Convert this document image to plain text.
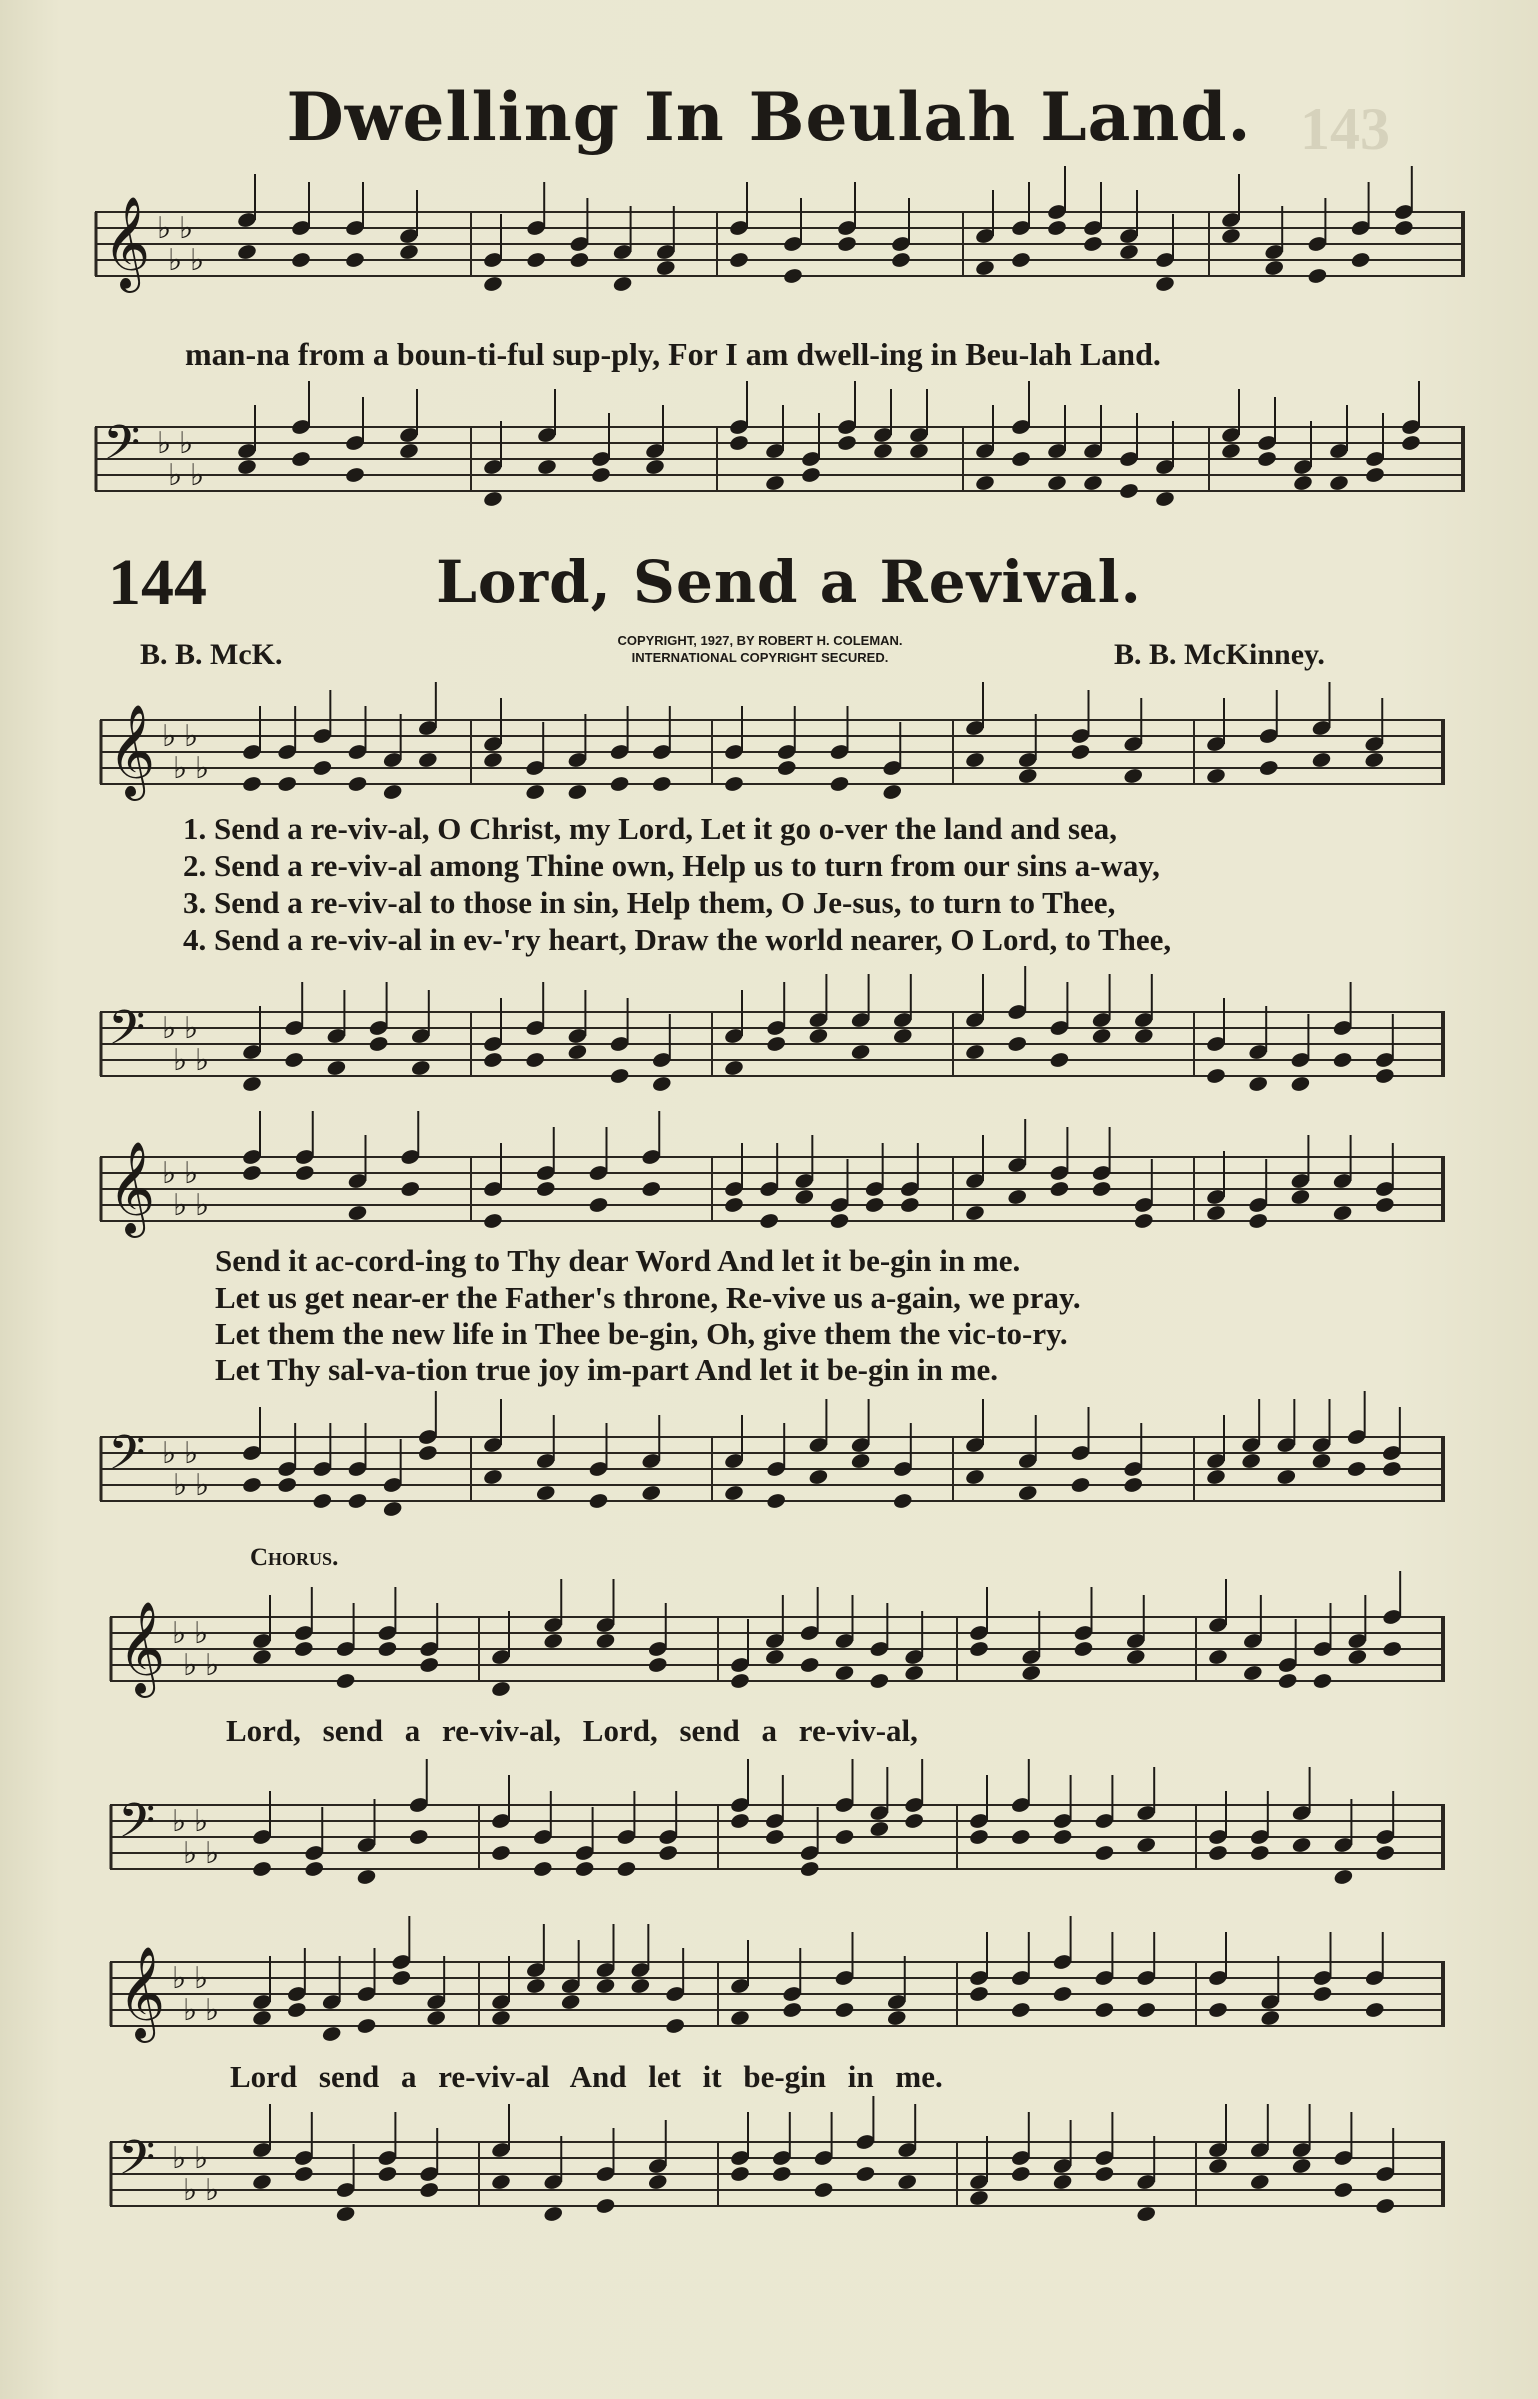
143
Dwelling In Beulah Land.
𝄞 ♭
♭
♭
♭
man-na from a boun-ti-ful sup-ply, For I am dwell-ing in Beu-lah Land.
𝄢 ♭
♭
♭
♭
144	Lord, Send a Revival.
B. B. McK.	COPYRIGHT, 1927, BY ROBERT H. COLEMAN.
INTERNATIONAL COPYRIGHT SECURED.	B. B. McKinney.
𝄞 ♭
♭
♭
♭
1. Send a re-viv-al, O Christ, my Lord, Let it go o-ver the land and sea,
2. Send a re-viv-al among Thine own, Help us to turn from our sins a-way,
3. Send a re-viv-al to those in sin, Help them, O Je-sus, to turn to Thee,
4. Send a re-viv-al in ev-'ry heart, Draw the world nearer, O Lord, to Thee,
𝄢 ♭
♭
♭
♭
𝄞 ♭
♭
♭
♭
Send it ac-cord-ing to Thy dear Word And let it be-gin in me.
Let us get near-er the Father's throne, Re-vive us a-gain, we pray.
Let them the new life in Thee be-gin, Oh, give them the vic-to-ry.
Let Thy sal-va-tion true joy im-part And let it be-gin in me.
𝄢 ♭
♭
♭
♭
Chorus.
𝄞 ♭
♭
♭
♭
Lord, send a re-viv-al, Lord, send a re-viv-al,
𝄢 ♭
♭
♭
♭
𝄞 ♭
♭
♭
♭
Lord send a re-viv-al And let it be-gin in me.
𝄢 ♭
♭
♭
♭
